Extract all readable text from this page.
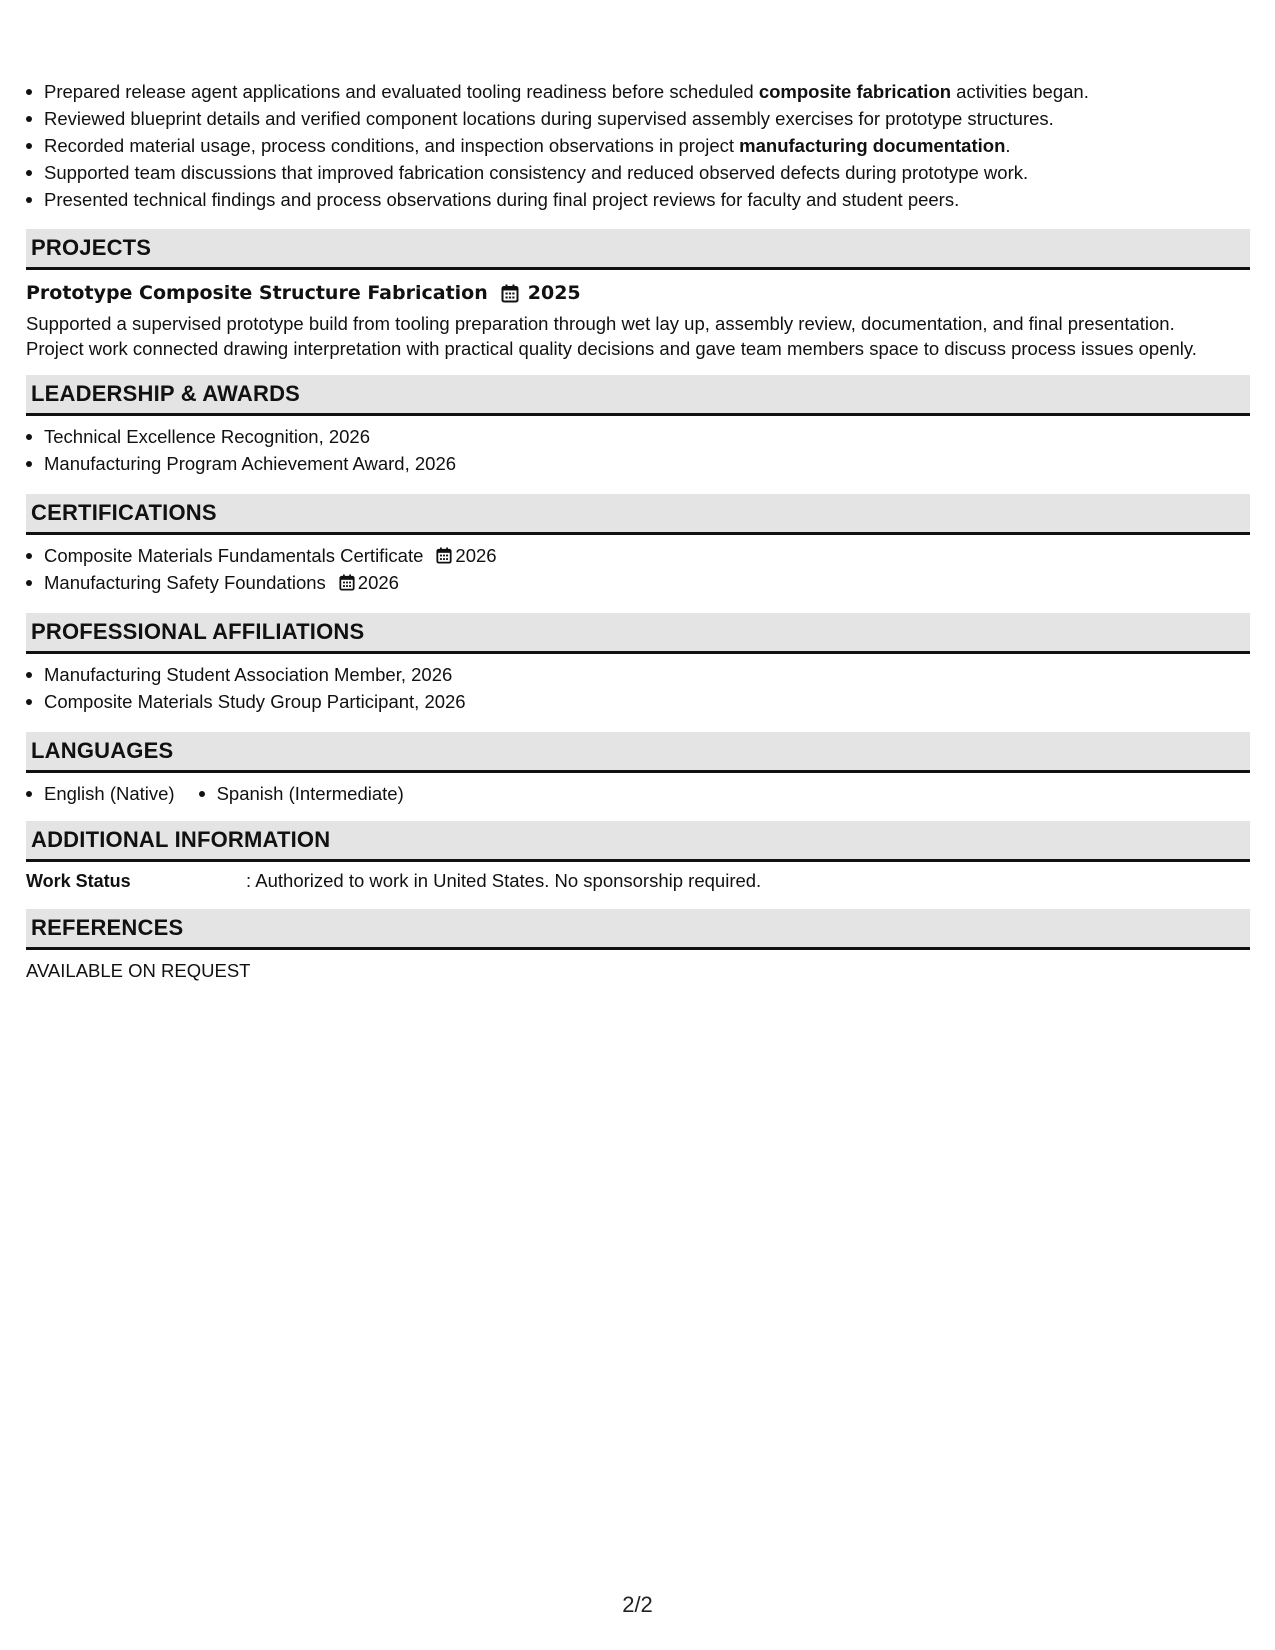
Prepared release agent applications and evaluated tooling readiness before scheduled composite fabrication activities began.
Reviewed blueprint details and verified component locations during supervised assembly exercises for prototype structures.
Recorded material usage, process conditions, and inspection observations in project manufacturing documentation.
Supported team discussions that improved fabrication consistency and reduced observed defects during prototype work.
Presented technical findings and process observations during final project reviews for faculty and student peers.
PROJECTS
Prototype Composite Structure Fabrication 2025
Supported a supervised prototype build from tooling preparation through wet lay up, assembly review, documentation, and final presentation.
Project work connected drawing interpretation with practical quality decisions and gave team members space to discuss process issues openly.
LEADERSHIP & AWARDS
Technical Excellence Recognition, 2026
Manufacturing Program Achievement Award, 2026
CERTIFICATIONS
Composite Materials Fundamentals Certificate 2026
Manufacturing Safety Foundations 2026
PROFESSIONAL AFFILIATIONS
Manufacturing Student Association Member, 2026
Composite Materials Study Group Participant, 2026
LANGUAGES
English (Native)	Spanish (Intermediate)
ADDITIONAL INFORMATION
Work Status	: Authorized to work in United States. No sponsorship required.
REFERENCES
AVAILABLE ON REQUEST
2/2
